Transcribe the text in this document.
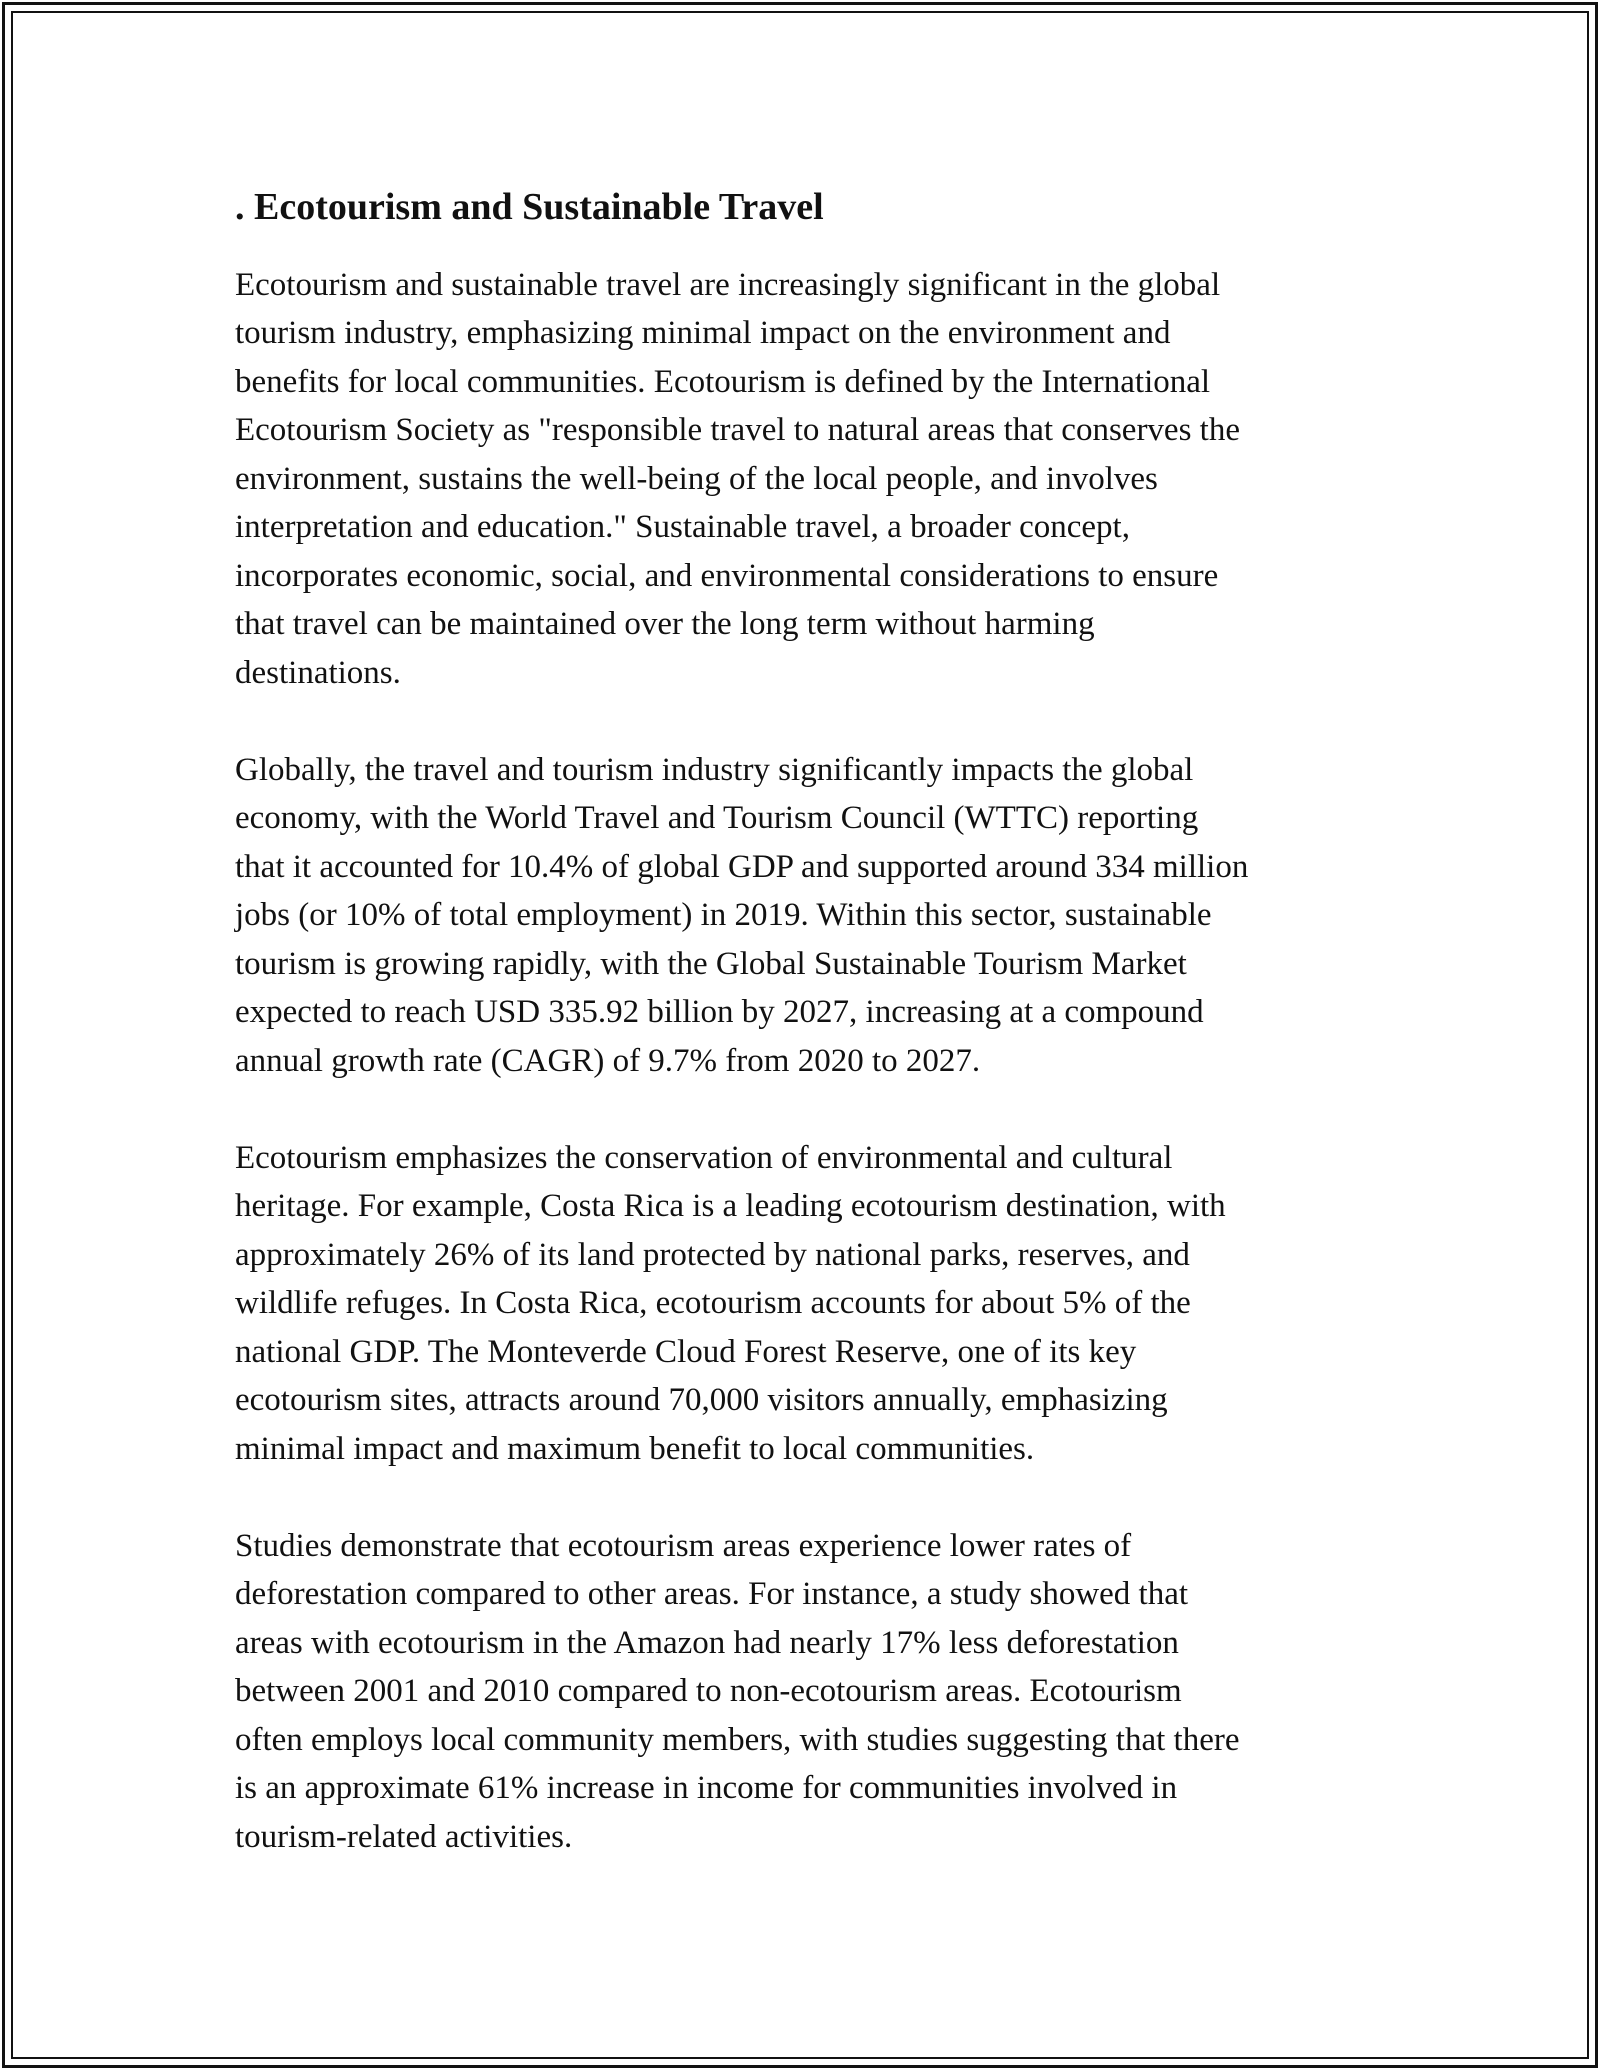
. Ecotourism and Sustainable Travel

Ecotourism and sustainable travel are increasingly significant in the global
tourism industry, emphasizing minimal impact on the environment and
benefits for local communities. Ecotourism is defined by the International
Ecotourism Society as "responsible travel to natural areas that conserves the
environment, sustains the well-being of the local people, and involves
interpretation and education." Sustainable travel, a broader concept,
incorporates economic, social, and environmental considerations to ensure
that travel can be maintained over the long term without harming
destinations.

Globally, the travel and tourism industry significantly impacts the global
economy, with the World Travel and Tourism Council (WTTC) reporting
that it accounted for 10.4% of global GDP and supported around 334 million
jobs (or 10% of total employment) in 2019. Within this sector, sustainable
tourism is growing rapidly, with the Global Sustainable Tourism Market
expected to reach USD 335.92 billion by 2027, increasing at a compound
annual growth rate (CAGR) of 9.7% from 2020 to 2027.

Ecotourism emphasizes the conservation of environmental and cultural
heritage. For example, Costa Rica is a leading ecotourism destination, with
approximately 26% of its land protected by national parks, reserves, and
wildlife refuges. In Costa Rica, ecotourism accounts for about 5% of the
national GDP. The Monteverde Cloud Forest Reserve, one of its key
ecotourism sites, attracts around 70,000 visitors annually, emphasizing
minimal impact and maximum benefit to local communities.

Studies demonstrate that ecotourism areas experience lower rates of
deforestation compared to other areas. For instance, a study showed that
areas with ecotourism in the Amazon had nearly 17% less deforestation
between 2001 and 2010 compared to non-ecotourism areas. Ecotourism
often employs local community members, with studies suggesting that there
is an approximate 61% increase in income for communities involved in
tourism-related activities.
